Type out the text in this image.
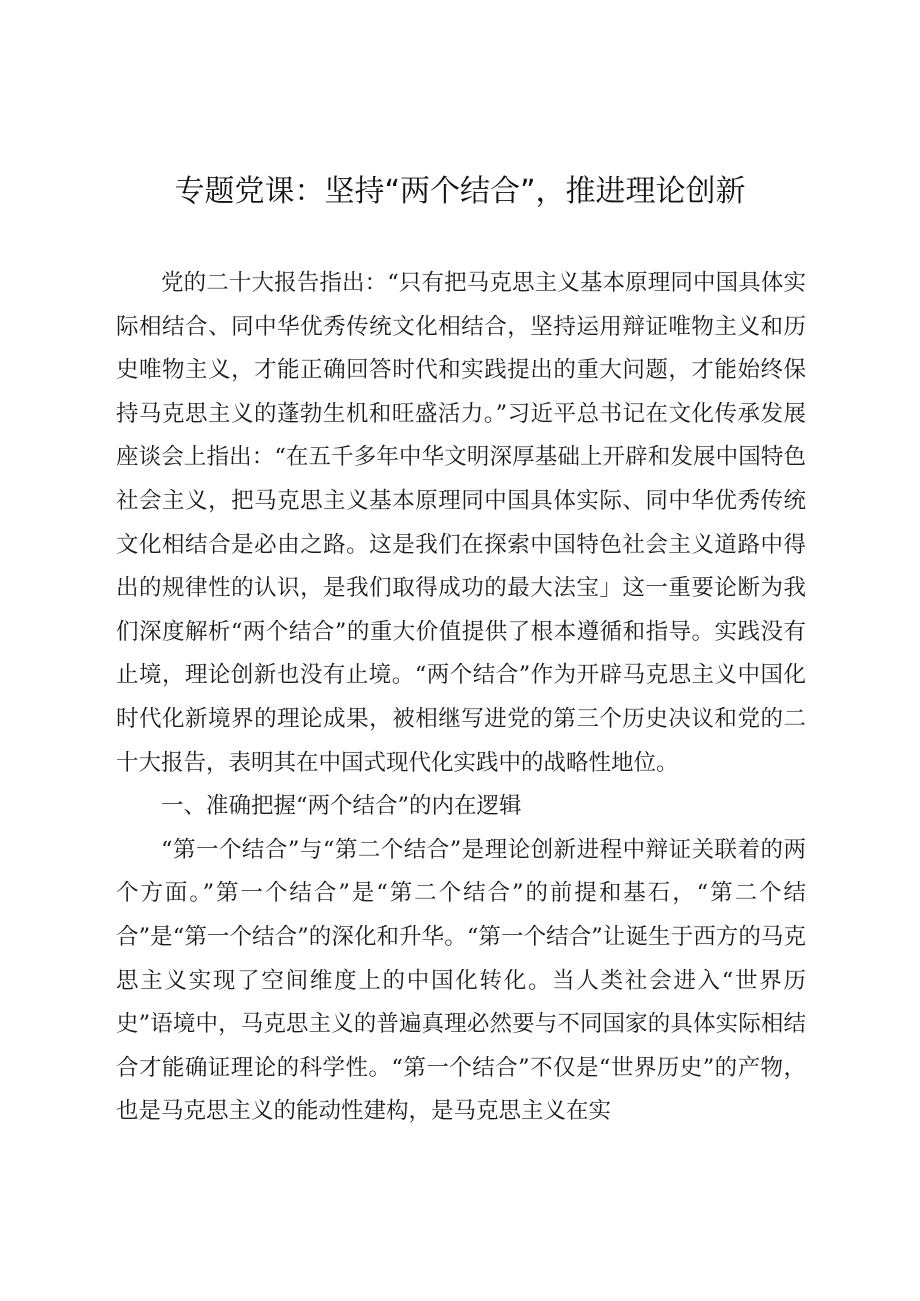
专题党课：坚持“两个结合”，推进理论创新

党的二十大报告指出：“只有把马克思主义基本原理同中国具体实际相结合、同中华优秀传统文化相结合，坚持运用辩证唯物主义和历史唯物主义，才能正确回答时代和实践提出的重大问题，才能始终保持马克思主义的蓬勃生机和旺盛活力。”习近平总书记在文化传承发展座谈会上指出：“在五千多年中华文明深厚基础上开辟和发展中国特色社会主义，把马克思主义基本原理同中国具体实际、同中华优秀传统文化相结合是必由之路。这是我们在探索中国特色社会主义道路中得出的规律性的认识，是我们取得成功的最大法宝」这一重要论断为我们深度解析“两个结合”的重大价值提供了根本遵循和指导。实践没有止境，理论创新也没有止境。“两个结合”作为开辟马克思主义中国化时代化新境界的理论成果，被相继写进党的第三个历史决议和党的二十大报告，表明其在中国式现代化实践中的战略性地位。

一、准确把握“两个结合”的内在逻辑

“第一个结合”与“第二个结合”是理论创新进程中辩证关联着的两个方面。”第一个结合”是“第二个结合”的前提和基石，“第二个结合”是“第一个结合”的深化和升华。“第一个结合”让诞生于西方的马克思主义实现了空间维度上的中国化转化。当人类社会进入“世界历史”语境中，马克思主义的普遍真理必然要与不同国家的具体实际相结合才能确证理论的科学性。“第一个结合”不仅是“世界历史”的产物，也是马克思主义的能动性建构，是马克思主义在实
